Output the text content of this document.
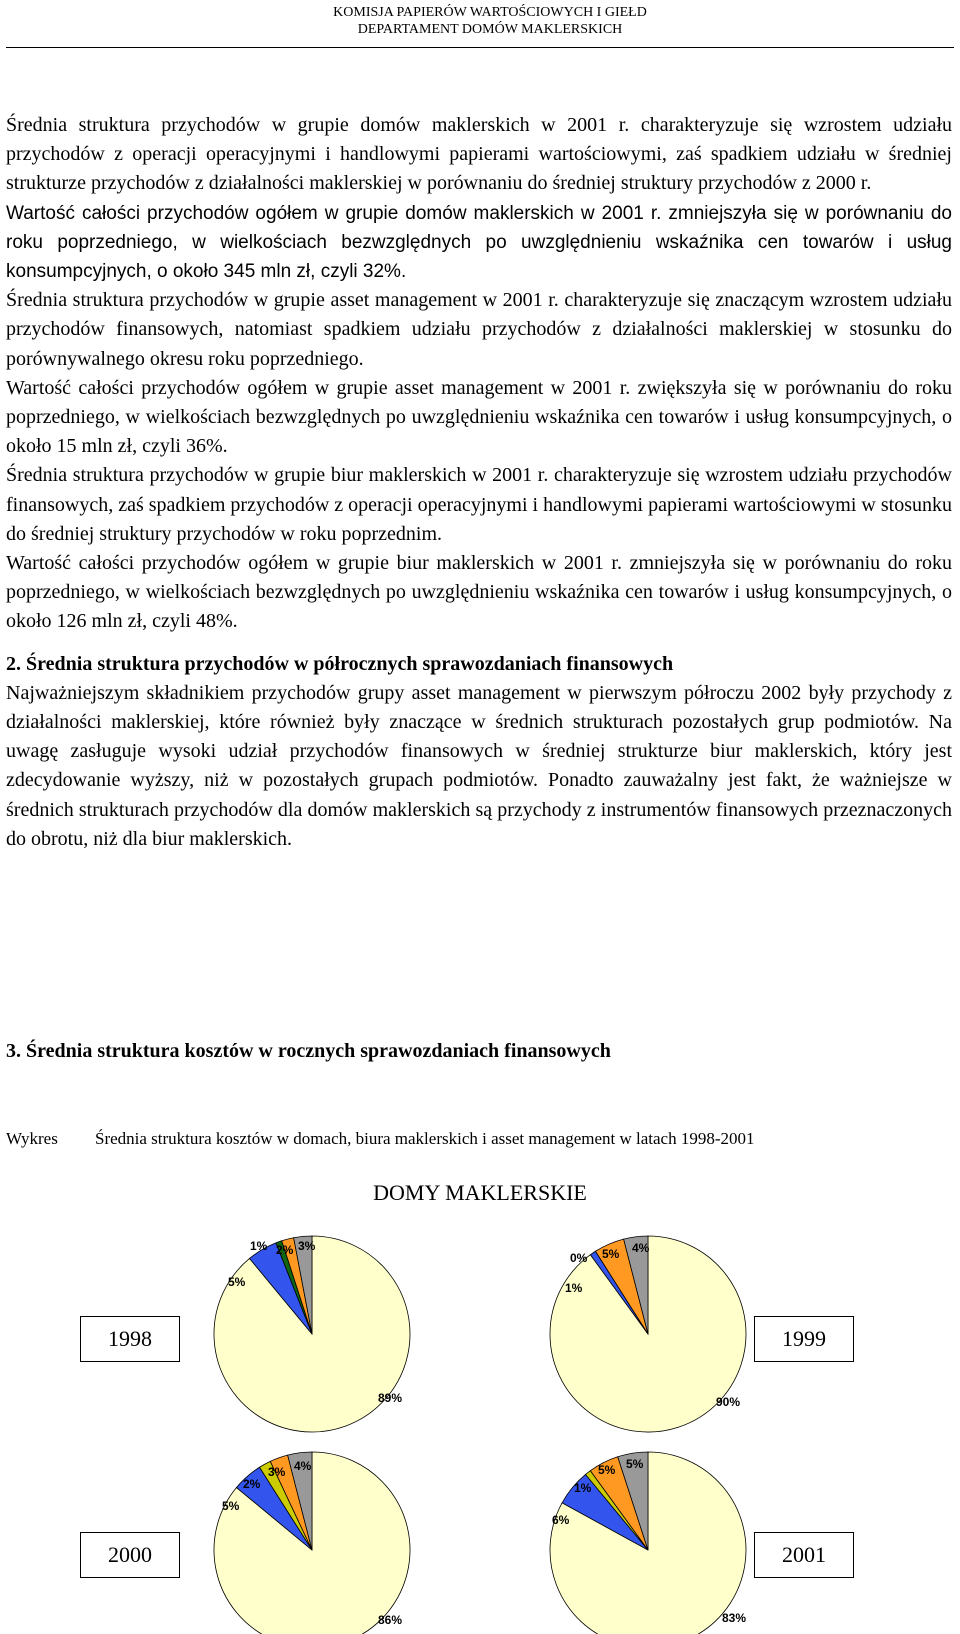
KOMISJA PAPIERÓW WARTOŚCIOWYCH I GIEŁD
DEPARTAMENT DOMÓW MAKLERSKICH

Średnia struktura przychodów w grupie domów maklerskich w 2001 r. charakteryzuje się wzrostem udziału przychodów z operacji operacyjnymi i handlowymi papierami wartościowymi, zaś spadkiem udziału w średniej strukturze przychodów z działalności maklerskiej w porównaniu do średniej struktury przychodów z 2000 r.

Wartość całości przychodów ogółem w grupie domów maklerskich w 2001 r. zmniejszyła się w porównaniu do roku poprzedniego, w wielkościach bezwzględnych po uwzględnieniu wskaźnika cen towarów i usług konsumpcyjnych, o około 345 mln zł, czyli 32%.

Średnia struktura przychodów w grupie asset management w 2001 r. charakteryzuje się znaczącym wzrostem udziału przychodów finansowych, natomiast spadkiem udziału przychodów z działalności maklerskiej w stosunku do porównywalnego okresu roku poprzedniego.

Wartość całości przychodów ogółem w grupie asset management w 2001 r. zwiększyła się w porównaniu do roku poprzedniego, w wielkościach bezwzględnych po uwzględnieniu wskaźnika cen towarów i usług konsumpcyjnych, o około 15 mln zł, czyli 36%.

Średnia struktura przychodów w grupie biur maklerskich w 2001 r. charakteryzuje się wzrostem udziału przychodów finansowych, zaś spadkiem przychodów z operacji operacyjnymi i handlowymi papierami wartościowymi w stosunku do średniej struktury przychodów w roku poprzednim.

Wartość całości przychodów ogółem w grupie biur maklerskich w 2001 r. zmniejszyła się w porównaniu do roku poprzedniego, w wielkościach bezwzględnych po uwzględnieniu wskaźnika cen towarów i usług konsumpcyjnych, o około 126 mln zł, czyli 48%.

2. Średnia struktura przychodów w półrocznych sprawozdaniach finansowych

Najważniejszym składnikiem przychodów grupy asset management w pierwszym półroczu 2002 były przychody z działalności maklerskiej, które również były znaczące w średnich strukturach pozostałych grup podmiotów. Na uwagę zasługuje wysoki udział przychodów finansowych w średniej strukturze biur maklerskich, który jest zdecydowanie wyższy, niż w pozostałych grupach podmiotów. Ponadto zauważalny jest fakt, że ważniejsze w średnich strukturach przychodów dla domów maklerskich są przychody z instrumentów finansowych przeznaczonych do obrotu, niż dla biur maklerskich.

3. Średnia struktura kosztów w rocznych sprawozdaniach finansowych
Wykres Średnia struktura kosztów w domach, biura maklerskich i asset management w latach 1998-2001
DOMY MAKLERSKIE
1998	1999
2000	2001
89%
5%
1% 2% 3%
90%
1%
0% 5% 4%
86%
5%
2%
3% 4%
83%
6%
1%
5% 5%
